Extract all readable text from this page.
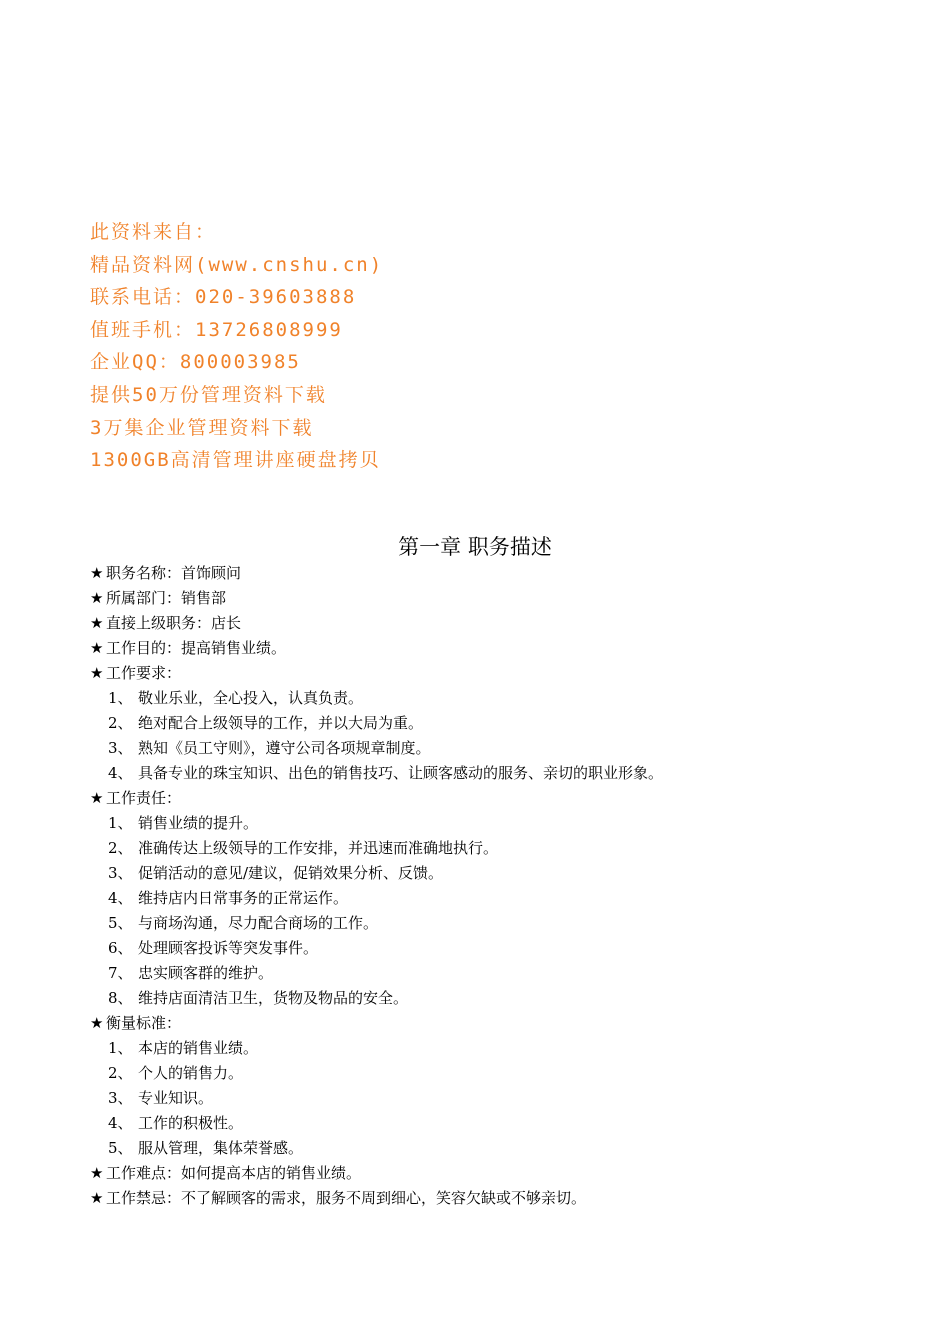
此资料来自：
精品资料网(www.cnshu.cn)
联系电话：020-39603888
值班手机：13726808999
企业QQ：800003985
提供50万份管理资料下载
3万集企业管理资料下载
1300GB高清管理讲座硬盘拷贝
第一章 职务描述
★ 职务名称：首饰顾问
★ 所属部门：销售部
★ 直接上级职务：店长
★ 工作目的：提高销售业绩。
★ 工作要求：
1、 敬业乐业，全心投入，认真负责。
2、 绝对配合上级领导的工作，并以大局为重。
3、 熟知《员工守则》，遵守公司各项规章制度。
4、 具备专业的珠宝知识、出色的销售技巧、让顾客感动的服务、亲切的职业形象。
★ 工作责任：
1、 销售业绩的提升。
2、 准确传达上级领导的工作安排，并迅速而准确地执行。
3、 促销活动的意见/建议，促销效果分析、反馈。
4、 维持店内日常事务的正常运作。
5、 与商场沟通，尽力配合商场的工作。
6、 处理顾客投诉等突发事件。
7、 忠实顾客群的维护。
8、 维持店面清洁卫生，货物及物品的安全。
★ 衡量标准：
1、 本店的销售业绩。
2、 个人的销售力。
3、 专业知识。
4、 工作的积极性。
5、 服从管理，集体荣誉感。
★ 工作难点：如何提高本店的销售业绩。
★ 工作禁忌：不了解顾客的需求，服务不周到细心，笑容欠缺或不够亲切。
